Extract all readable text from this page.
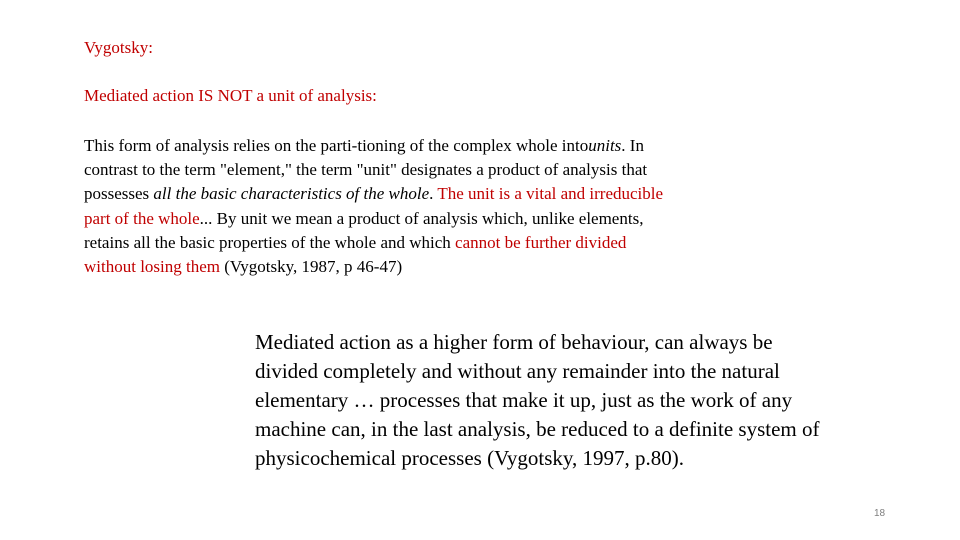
Vygotsky:
Mediated action IS NOT a unit of analysis:
This form of analysis relies on the parti-tioning of the complex whole intounits. In
contrast to the term "element," the term "unit" designates a product of analysis that
possesses all the basic characteristics of the whole. The unit is a vital and irreducible
part of the whole... By unit we mean a product of analysis which, unlike elements,
retains all the basic properties of the whole and which cannot be further divided
without losing them (Vygotsky, 1987, p 46-47)
Mediated action as a higher form of behaviour, can always be
divided completely and without any remainder into the natural
elementary … processes that make it up, just as the work of any
machine can, in the last analysis, be reduced to a definite system of
physicochemical processes (Vygotsky, 1997, p.80).
18
